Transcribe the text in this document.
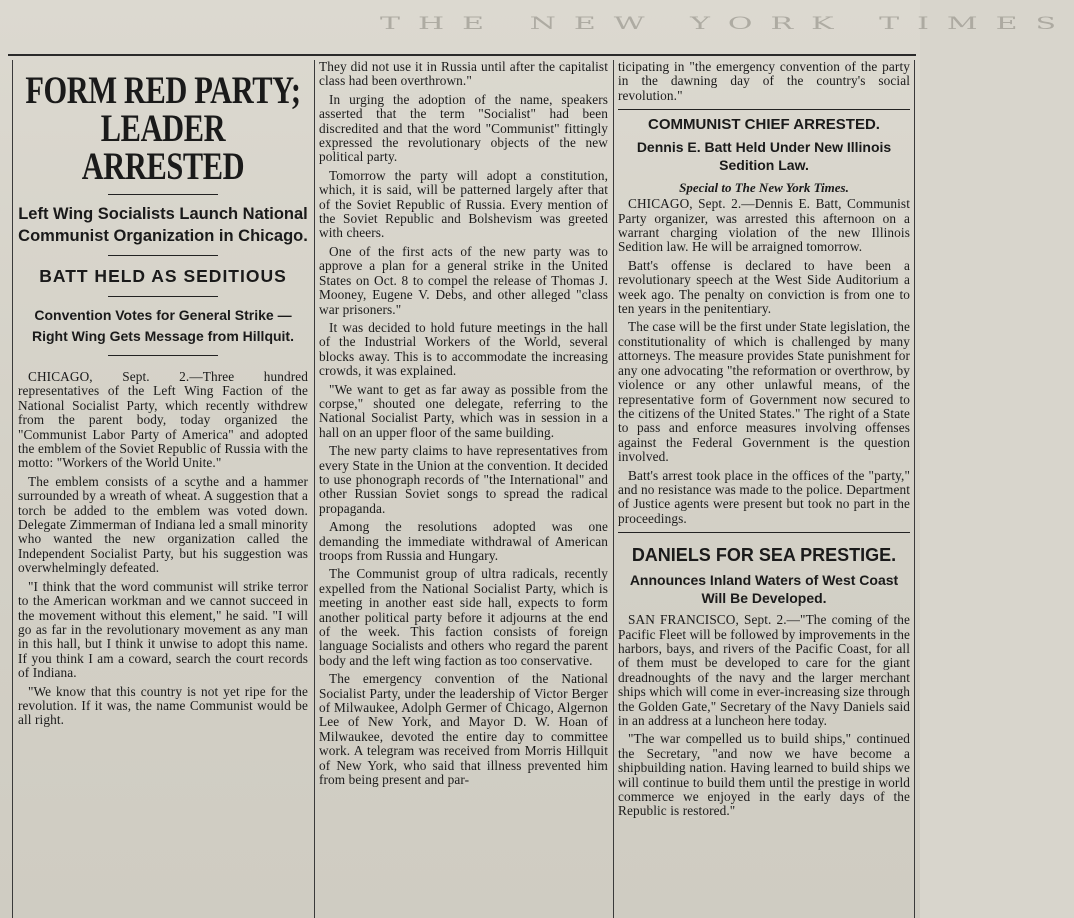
THE NEW YORK TIMES
FORM RED PARTY; LEADER ARRESTED
Left Wing Socialists Launch National Communist Organization in Chicago.
BATT HELD AS SEDITIOUS
Convention Votes for General Strike —Right Wing Gets Message from Hillquit.

CHICAGO, Sept. 2.—Three hundred representatives of the Left Wing Faction of the National Socialist Party, which recently withdrew from the parent body, today organized the "Communist Labor Party of America" and adopted the emblem of the Soviet Republic of Russia with the motto: "Workers of the World Unite."

The emblem consists of a scythe and a hammer surrounded by a wreath of wheat. A suggestion that a torch be added to the emblem was voted down. Delegate Zimmerman of Indiana led a small minority who wanted the new organization called the Independent Socialist Party, but his suggestion was overwhelmingly defeated.

"I think that the word communist will strike terror to the American workman and we cannot succeed in the movement without this element," he said. "I will go as far in the revolutionary movement as any man in this hall, but I think it unwise to adopt this name. If you think I am a coward, search the court records of Indiana.

"We know that this country is not yet ripe for the revolution. If it was, the name Communist would be all right.

They did not use it in Russia until after the capitalist class had been overthrown."

In urging the adoption of the name, speakers asserted that the term "Socialist" had been discredited and that the word "Communist" fittingly expressed the revolutionary objects of the new political party.

Tomorrow the party will adopt a constitution, which, it is said, will be patterned largely after that of the Soviet Republic of Russia. Every mention of the Soviet Republic and Bolshevism was greeted with cheers.

One of the first acts of the new party was to approve a plan for a general strike in the United States on Oct. 8 to compel the release of Thomas J. Mooney, Eugene V. Debs, and other alleged "class war prisoners."

It was decided to hold future meetings in the hall of the Industrial Workers of the World, several blocks away. This is to accommodate the increasing crowds, it was explained.

"We want to get as far away as possible from the corpse," shouted one delegate, referring to the National Socialist Party, which was in session in a hall on an upper floor of the same building.

The new party claims to have representatives from every State in the Union at the convention. It decided to use phonograph records of "the International" and other Russian Soviet songs to spread the radical propaganda.

Among the resolutions adopted was one demanding the immediate withdrawal of American troops from Russia and Hungary.

The Communist group of ultra radicals, recently expelled from the National Socialist Party, which is meeting in another east side hall, expects to form another political party before it adjourns at the end of the week. This faction consists of foreign language Socialists and others who regard the parent body and the left wing faction as too conservative.

The emergency convention of the National Socialist Party, under the leadership of Victor Berger of Milwaukee, Adolph Germer of Chicago, Algernon Lee of New York, and Mayor D. W. Hoan of Milwaukee, devoted the entire day to committee work. A telegram was received from Morris Hillquit of New York, who said that illness prevented him from being present and par-

ticipating in "the emergency convention of the party in the dawning day of the country's social revolution."

COMMUNIST CHIEF ARRESTED.
Dennis E. Batt Held Under New Illinois Sedition Law.
Special to The New York Times.

CHICAGO, Sept. 2.—Dennis E. Batt, Communist Party organizer, was arrested this afternoon on a warrant charging violation of the new Illinois Sedition law. He will be arraigned tomorrow.

Batt's offense is declared to have been a revolutionary speech at the West Side Auditorium a week ago. The penalty on conviction is from one to ten years in the penitentiary.

The case will be the first under State legislation, the constitutionality of which is challenged by many attorneys. The measure provides State punishment for any one advocating "the reformation or overthrow, by violence or any other unlawful means, of the representative form of Government now secured to the citizens of the United States." The right of a State to pass and enforce measures involving offenses against the Federal Government is the question involved.

Batt's arrest took place in the offices of the "party," and no resistance was made to the police. Department of Justice agents were present but took no part in the proceedings.

DANIELS FOR SEA PRESTIGE.
Announces Inland Waters of West Coast Will Be Developed.

SAN FRANCISCO, Sept. 2.—"The coming of the Pacific Fleet will be followed by improvements in the harbors, bays, and rivers of the Pacific Coast, for all of them must be developed to care for the giant dreadnoughts of the navy and the larger merchant ships which will come in ever-increasing size through the Golden Gate," Secretary of the Navy Daniels said in an address at a luncheon here today.

"The war compelled us to build ships," continued the Secretary, "and now we have become a shipbuilding nation. Having learned to build ships we will continue to build them until the prestige in world commerce we enjoyed in the early days of the Republic is restored."
